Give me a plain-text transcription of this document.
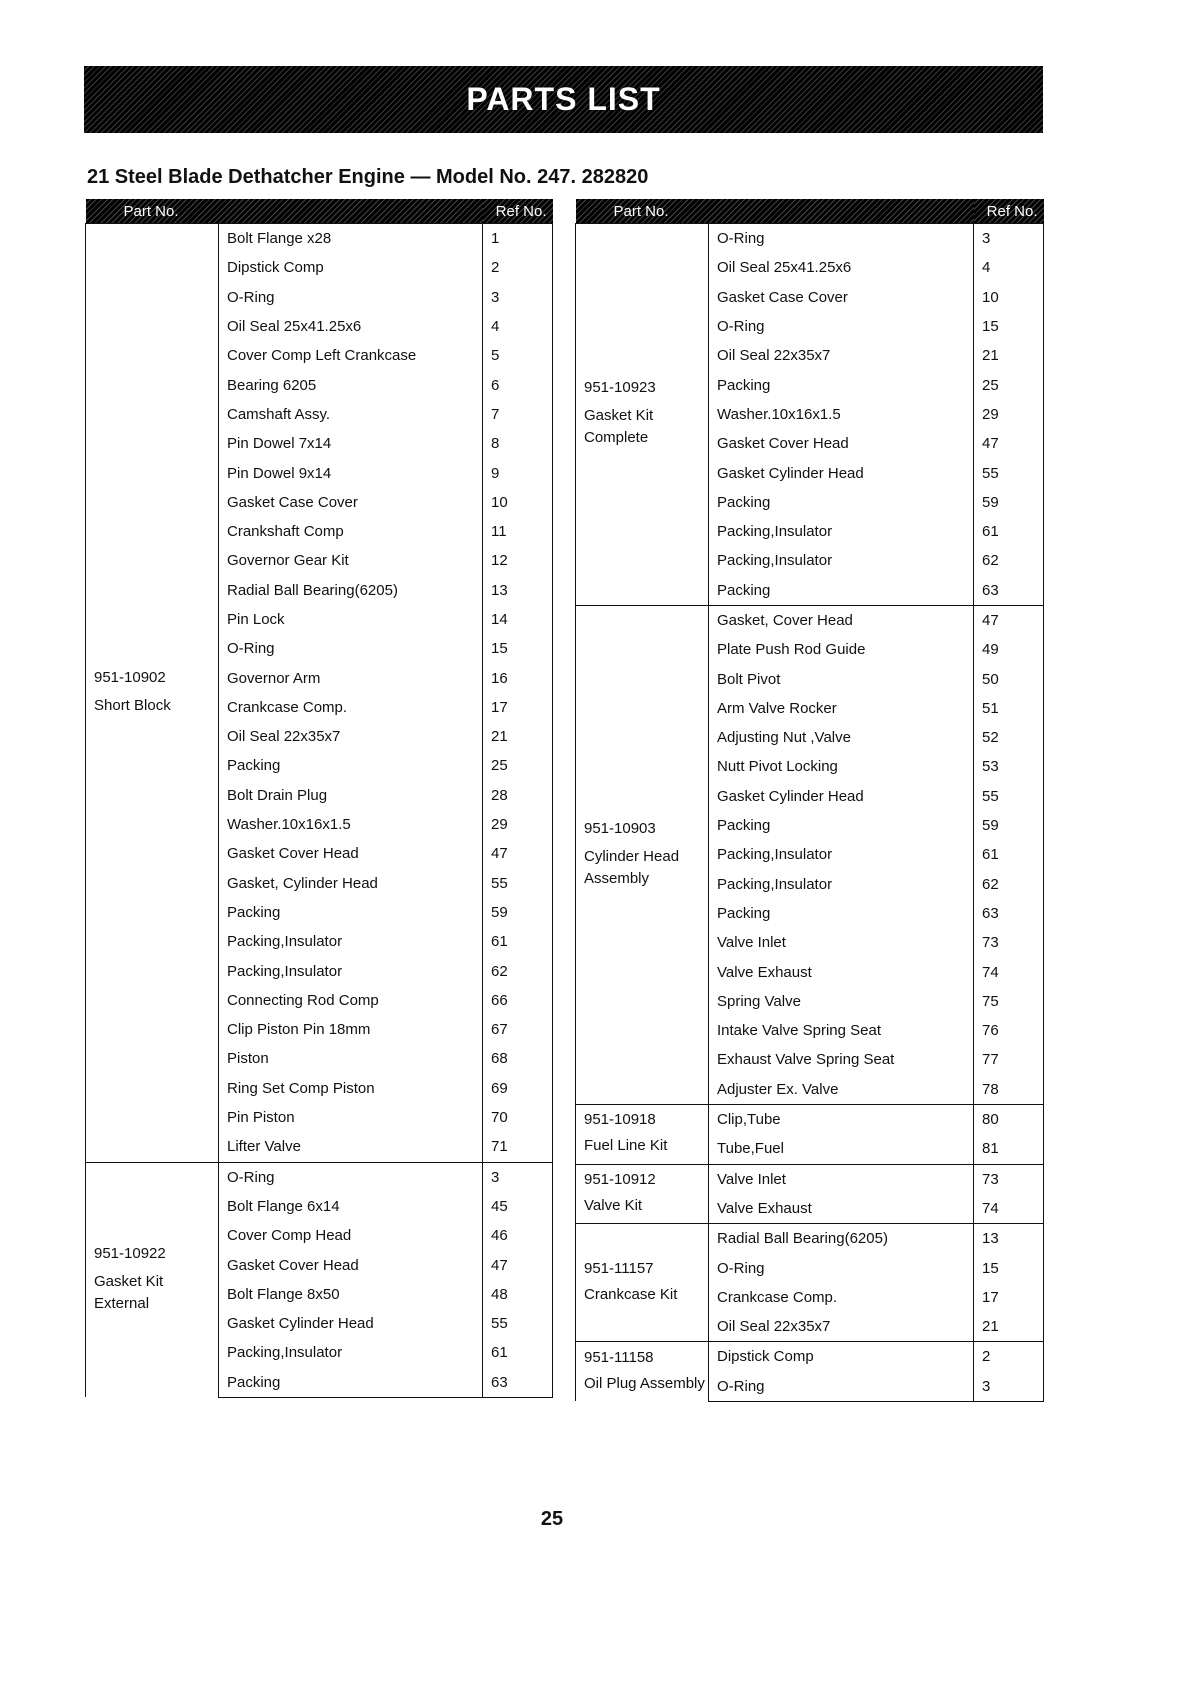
PARTS LIST
21 Steel Blade Dethatcher Engine — Model No. 247. 282820
Part No.		Ref No.
951-10902
Short Block	Bolt Flange x28	1
	Dipstick Comp	2
	O-Ring	3
	Oil Seal 25x41.25x6	4
	Cover Comp Left Crankcase	5
	Bearing 6205	6
	Camshaft Assy.	7
	Pin Dowel 7x14	8
	Pin Dowel 9x14	9
	Gasket Case Cover	10
	Crankshaft Comp	11
	Governor Gear Kit	12
	Radial Ball Bearing(6205)	13
	Pin Lock	14
	O-Ring	15
	Governor Arm	16
	Crankcase Comp.	17
	Oil Seal 22x35x7	21
	Packing	25
	Bolt Drain Plug	28
	Washer.10x16x1.5	29
	Gasket Cover Head	47
	Gasket, Cylinder Head	55
	Packing	59
	Packing,Insulator	61
	Packing,Insulator	62
	Connecting Rod Comp	66
	Clip Piston Pin 18mm	67
	Piston	68
	Ring Set Comp Piston	69
	Pin Piston	70
	Lifter Valve	71
951-10922
Gasket Kit External	O-Ring	3
	Bolt Flange 6x14	45
	Cover Comp Head	46
	Gasket Cover Head	47
	Bolt Flange 8x50	48
	Gasket Cylinder Head	55
	Packing,Insulator	61
	Packing	63
Part No.		Ref No.
951-10923
Gasket Kit Complete	O-Ring	3
	Oil Seal 25x41.25x6	4
	Gasket Case Cover	10
	O-Ring	15
	Oil Seal 22x35x7	21
	Packing	25
	Washer.10x16x1.5	29
	Gasket Cover Head	47
	Gasket Cylinder Head	55
	Packing	59
	Packing,Insulator	61
	Packing,Insulator	62
	Packing	63
951-10903
Cylinder Head Assembly	Gasket, Cover Head	47
	Plate Push Rod Guide	49
	Bolt Pivot	50
	Arm Valve Rocker	51
	Adjusting Nut ,Valve	52
	Nutt Pivot Locking	53
	Gasket Cylinder Head	55
	Packing	59
	Packing,Insulator	61
	Packing,Insulator	62
	Packing	63
	Valve Inlet	73
	Valve Exhaust	74
	Spring Valve	75
	Intake Valve Spring Seat	76
	Exhaust Valve Spring Seat	77
	Adjuster Ex. Valve	78
951-10918
Fuel Line Kit	Clip,Tube	80
	Tube,Fuel	81
951-10912
Valve Kit	Valve Inlet	73
	Valve Exhaust	74
951-11157
Crankcase Kit	Radial Ball Bearing(6205)	13
	O-Ring	15
	Crankcase Comp.	17
	Oil Seal 22x35x7	21
951-11158
Oil Plug Assembly	Dipstick Comp	2
	O-Ring	3
25
